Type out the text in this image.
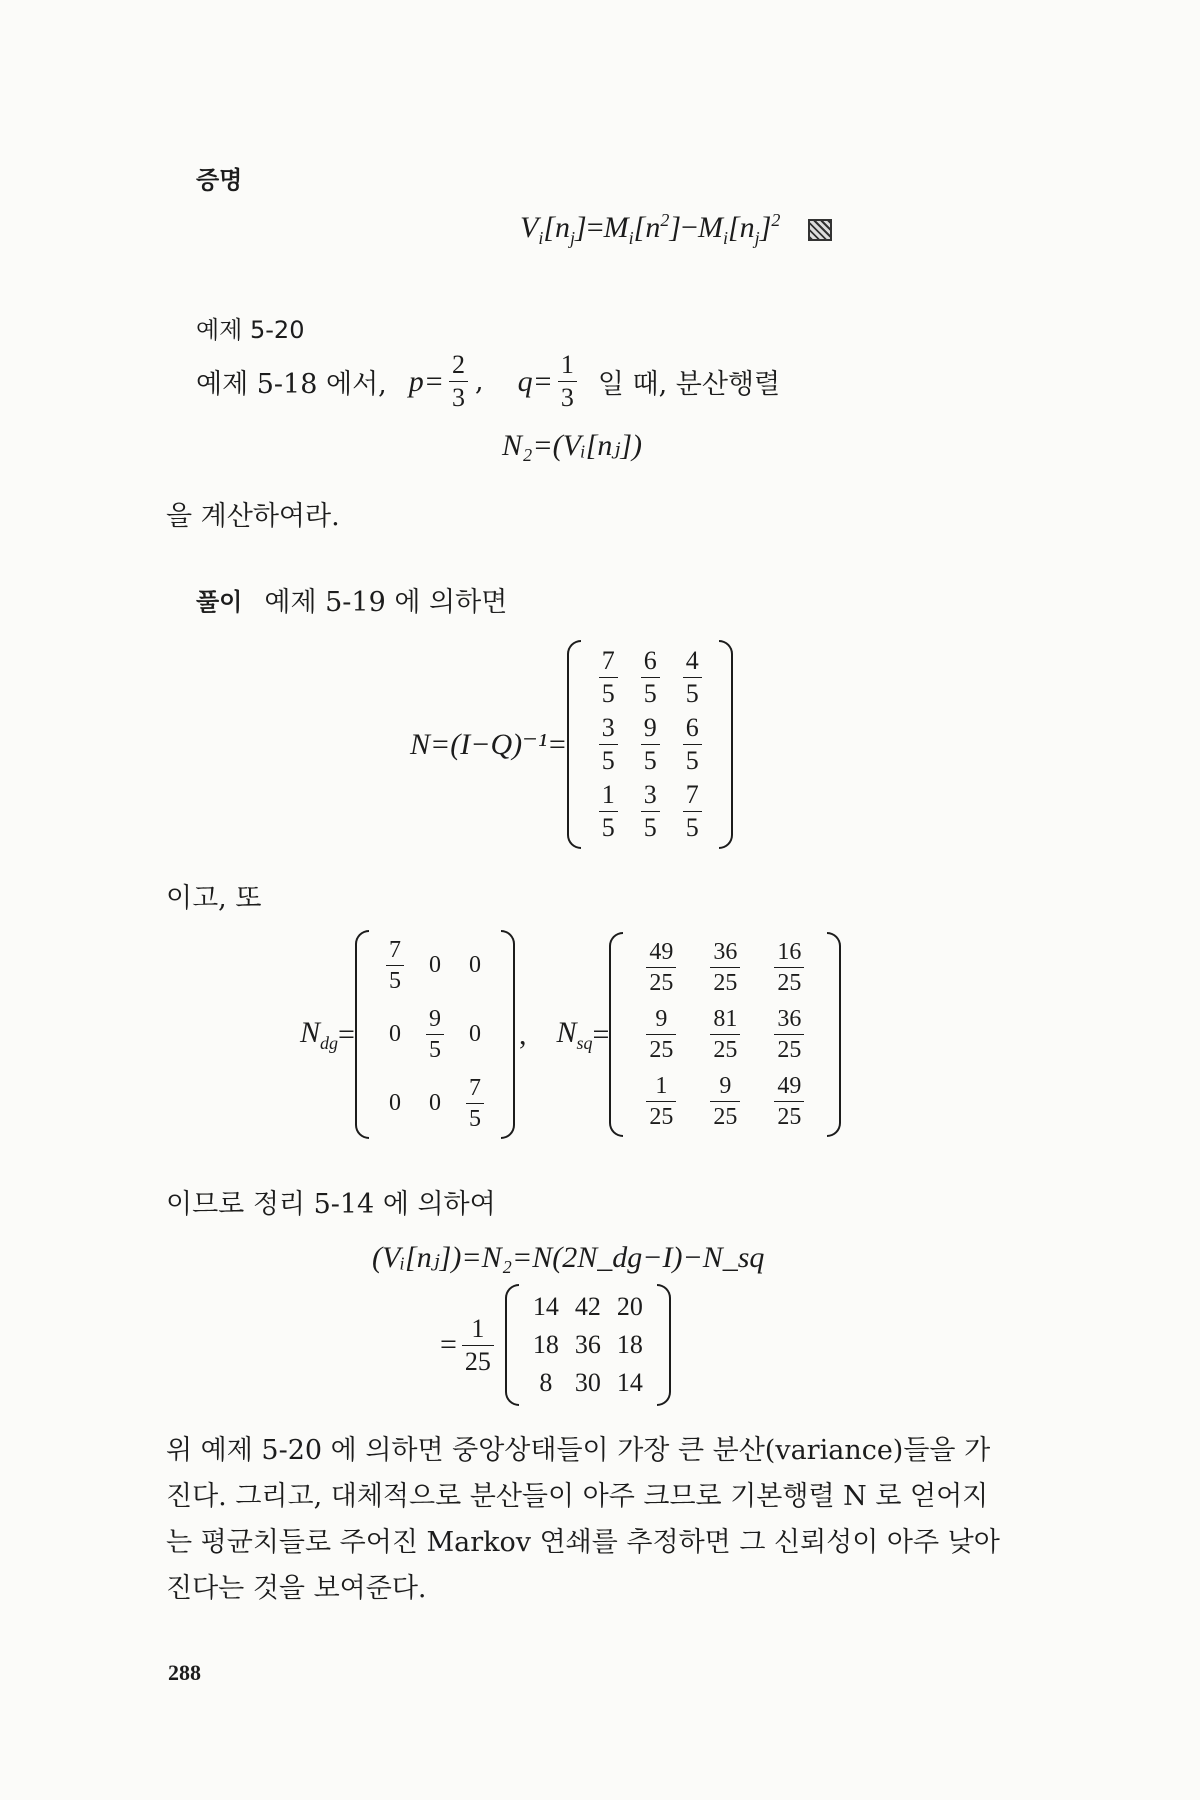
증명
$V_i[n_j]=M_i[n^2]-M_i[n_j]^2$
예제 5-20
예제 5-18 에서, $p= \frac{2}{3}$ , $q= \frac{1}{3}$ 일 때, 분산행렬
N₂=(Vᵢ[nⱼ])
을 계산하여라.
풀이 예제 5-19 에 의하면
N=(I−Q)⁻¹=
$\frac{7}{5} \frac{6}{5} \frac{4}{5}$
$\frac{3}{5} \frac{9}{5} \frac{6}{5}$
$\frac{1}{5} \frac{3}{5} \frac{7}{5}$
이고, 또
$N_{dg}$ =
$\frac{7}{5} 0$ 0
$0 \frac{9}{5} 0$
0 $0 \frac{7}{5}$
, $N_{sq}$ =
$\frac{49}{25} \frac{36}{25} \frac{16}{25}$
$\frac{9}{25} \frac{81}{25} \frac{36}{25}$
$\frac{1}{25} \frac{9}{25} \frac{49}{25}$
이므로 정리 5-14 에 의하여
(Vᵢ[nⱼ])=N₂=N(2N_dg−I)−N_sq
= $\frac{1}{25}$
14 42 20
18 36 18
8 30 14
위 예제 5-20 에 의하면 중앙상태들이 가장 큰 분산(variance)들을 가
진다. 그리고, 대체적으로 분산들이 아주 크므로 기본행렬 N 로 얻어지
는 평균치들로 주어진 Markov 연쇄를 추정하면 그 신뢰성이 아주 낮아
진다는 것을 보여준다.
288
